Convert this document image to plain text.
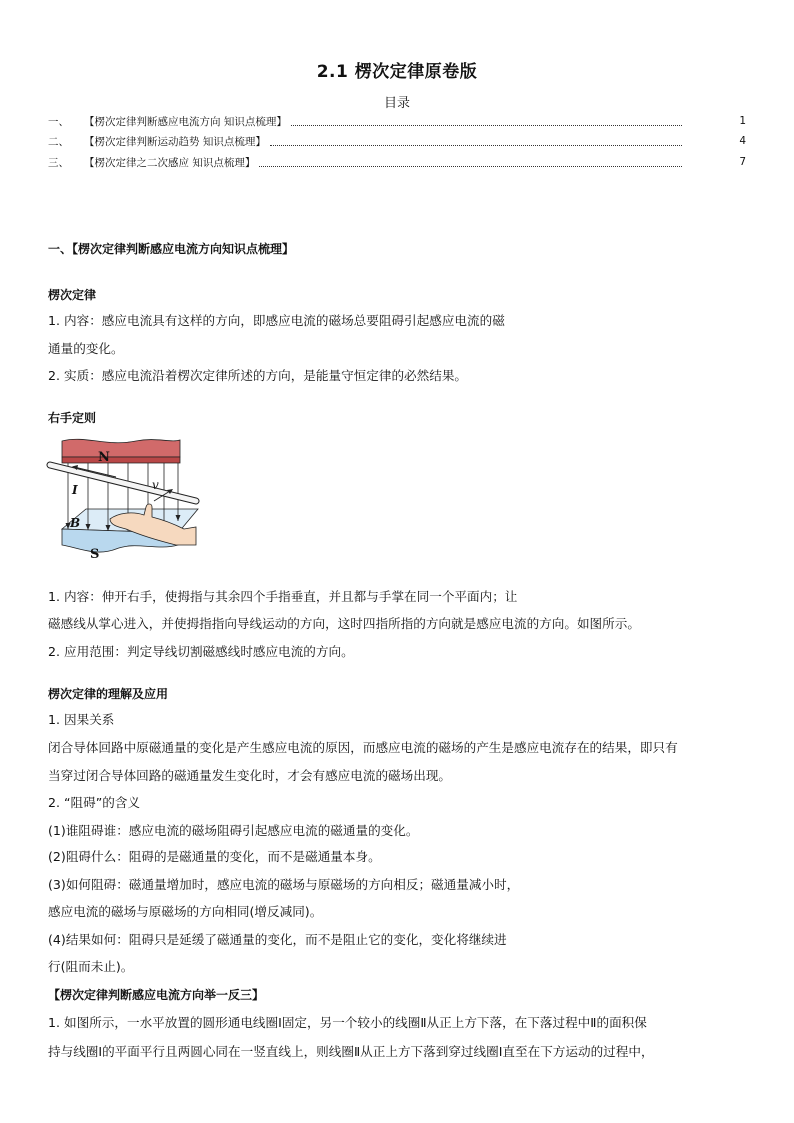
2.1 楞次定律原卷版
目录
一、	【楞次定律判断感应电流方向 知识点梳理】	1
二、	【楞次定律判断运动趋势 知识点梳理】	4
三、	【楞次定律之二次感应 知识点梳理】	7
一、【楞次定律判断感应电流方向知识点梳理】
楞次定律
1. 内容：感应电流具有这样的方向，即感应电流的磁场总要阻碍引起感应电流的磁
通量的变化。
2. 实质：感应电流沿着楞次定律所述的方向，是能量守恒定律的必然结果。
右手定则
N
I	v
B
S
1. 内容：伸开右手，使拇指与其余四个手指垂直，并且都与手掌在同一个平面内；让
磁感线从掌心进入，并使拇指指向导线运动的方向，这时四指所指的方向就是感应电流的方向。如图所示。
2. 应用范围：判定导线切割磁感线时感应电流的方向。
楞次定律的理解及应用
1. 因果关系
闭合导体回路中原磁通量的变化是产生感应电流的原因，而感应电流的磁场的产生是感应电流存在的结果，即只有
当穿过闭合导体回路的磁通量发生变化时，才会有感应电流的磁场出现。
2. “阻碍”的含义
(1)谁阻碍谁：感应电流的磁场阻碍引起感应电流的磁通量的变化。
(2)阻碍什么：阻碍的是磁通量的变化，而不是磁通量本身。
(3)如何阻碍：磁通量增加时，感应电流的磁场与原磁场的方向相反；磁通量减小时，
感应电流的磁场与原磁场的方向相同(增反减同)。
(4)结果如何：阻碍只是延缓了磁通量的变化，而不是阻止它的变化，变化将继续进
行(阻而未止)。
【楞次定律判断感应电流方向举一反三】
1. 如图所示，一水平放置的圆形通电线圈Ⅰ固定，另一个较小的线圈Ⅱ从正上方下落，在下落过程中Ⅱ的面积保
持与线圈Ⅰ的平面平行且两圆心同在一竖直线上，则线圈Ⅱ从正上方下落到穿过线圈Ⅰ直至在下方运动的过程中，
